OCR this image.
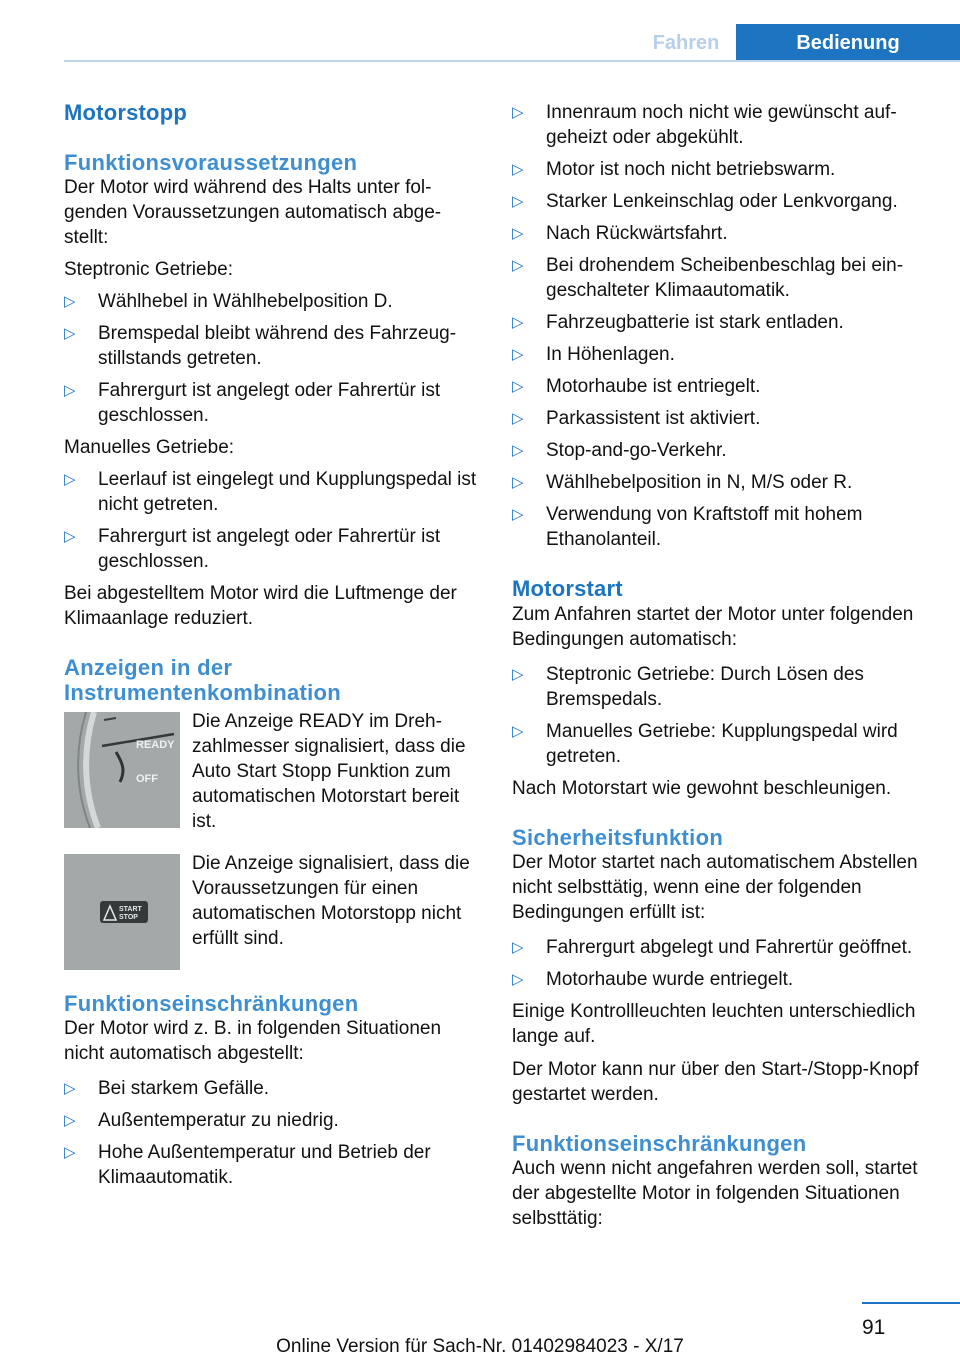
Fahren	Bedienung
Motorstopp
Funktionsvoraussetzungen

Der Motor wird während des Halts unter folgenden Voraussetzungen automatisch abgestellt:

Steptronic Getriebe:

▷ Wählhebel in Wählhebelposition D.
▷ Bremspedal bleibt während des Fahrzeugstillstands getreten.
▷ Fahrergurt ist angelegt oder Fahrertür ist geschlossen.

Manuelles Getriebe:

▷ Leerlauf ist eingelegt und Kupplungspedal ist nicht getreten.
▷ Fahrergurt ist angelegt oder Fahrertür ist geschlossen.

Bei abgestelltem Motor wird die Luftmenge der Klimaanlage reduziert.

Anzeigen in der Instrumentenkombination
READY
OFF

Die Anzeige READY im Drehzahlmesser signalisiert, dass die Auto Start Stopp Funktion zum automatischen Motorstart bereit ist.

START
STOP

Die Anzeige signalisiert, dass die Voraussetzungen für einen automatischen Motorstopp nicht erfüllt sind.

Funktionseinschränkungen

Der Motor wird z. B. in folgenden Situationen nicht automatisch abgestellt:

▷ Bei starkem Gefälle.
▷ Außentemperatur zu niedrig.
▷ Hohe Außentemperatur und Betrieb der Klimaautomatik.
▷ Innenraum noch nicht wie gewünscht aufgeheizt oder abgekühlt.
▷ Motor ist noch nicht betriebswarm.
▷ Starker Lenkeinschlag oder Lenkvorgang.
▷ Nach Rückwärtsfahrt.
▷ Bei drohendem Scheibenbeschlag bei eingeschalteter Klimaautomatik.
▷ Fahrzeugbatterie ist stark entladen.
▷ In Höhenlagen.
▷ Motorhaube ist entriegelt.
▷ Parkassistent ist aktiviert.
▷ Stop-and-go-Verkehr.
▷ Wählhebelposition in N, M/S oder R.
▷ Verwendung von Kraftstoff mit hohem Ethanolanteil.
Motorstart

Zum Anfahren startet der Motor unter folgenden Bedingungen automatisch:

▷ Steptronic Getriebe: Durch Lösen des Bremspedals.
▷ Manuelles Getriebe: Kupplungspedal wird getreten.

Nach Motorstart wie gewohnt beschleunigen.

Sicherheitsfunktion

Der Motor startet nach automatischem Abstellen nicht selbsttätig, wenn eine der folgenden Bedingungen erfüllt ist:

▷ Fahrergurt abgelegt und Fahrertür geöffnet.
▷ Motorhaube wurde entriegelt.

Einige Kontrollleuchten leuchten unterschiedlich lange auf.

Der Motor kann nur über den Start-/Stopp-Knopf gestartet werden.

Funktionseinschränkungen

Auch wenn nicht angefahren werden soll, startet der abgestellte Motor in folgenden Situationen selbsttätig:

91
Online Version für Sach-Nr. 01402984023 - X/17
